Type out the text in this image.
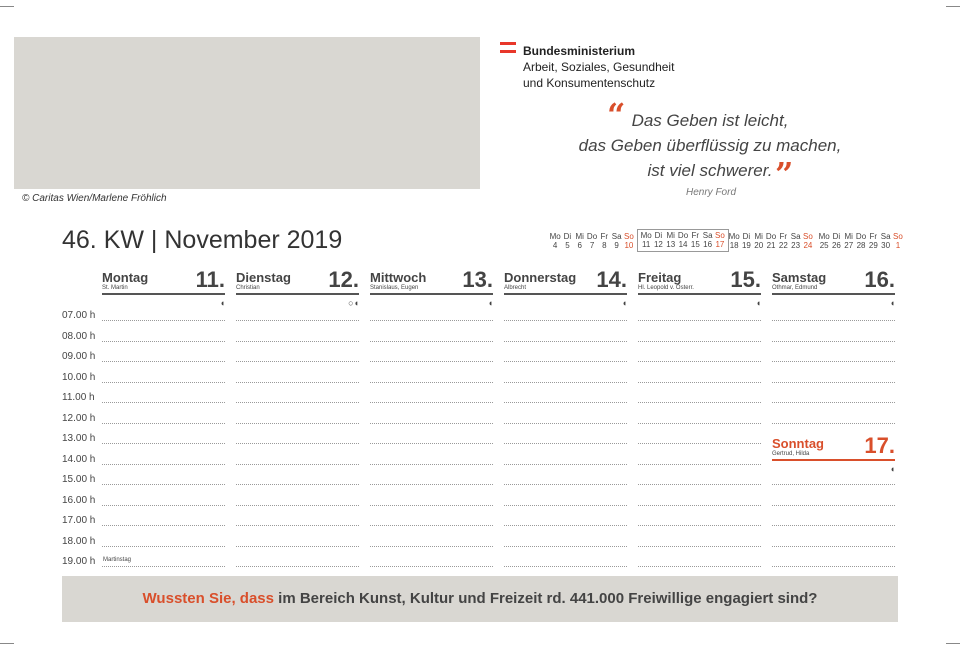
© Caritas Wien/Marlene Fröhlich
Bundesministerium
Arbeit, Soziales, Gesundheit
und Konsumentenschutz
“ Das Geben ist leicht,
das Geben überflüssig zu machen,
ist viel schwerer. ”
Henry Ford
46. KW | November 2019	Mo Di Mi Do Fr Sa So
4 5 6 7 8 9 10
Mo Di Mi Do Fr Sa So
11 12 13 14 15 16 17
Mo Di Mi Do Fr Sa So
18 19 20 21 22 23 24
Mo Di Mi Do Fr Sa So
25 26 27 28 29 30 1
Montag
St. Martin	11.
◖
Dienstag
Christian	12.
○◖
Mittwoch
Stanislaus, Eugen 13.
◖
Donnerstag
Albrecht	14.
◖
Freitag
Hl. Leopold v. Österr. 15.
◖
Samstag
Othmar, Edmund 16.
◖
Sonntag
Gertrud, Hilda	17.
◖
07.00 h
08.00 h
09.00 h
10.00 h
11.00 h
12.00 h
13.00 h
14.00 h
15.00 h
16.00 h
17.00 h
18.00 h
19.00 h Martinstag
Wussten Sie, dass im Bereich Kunst, Kultur und Freizeit rd. 441.000 Freiwillige engagiert sind?
